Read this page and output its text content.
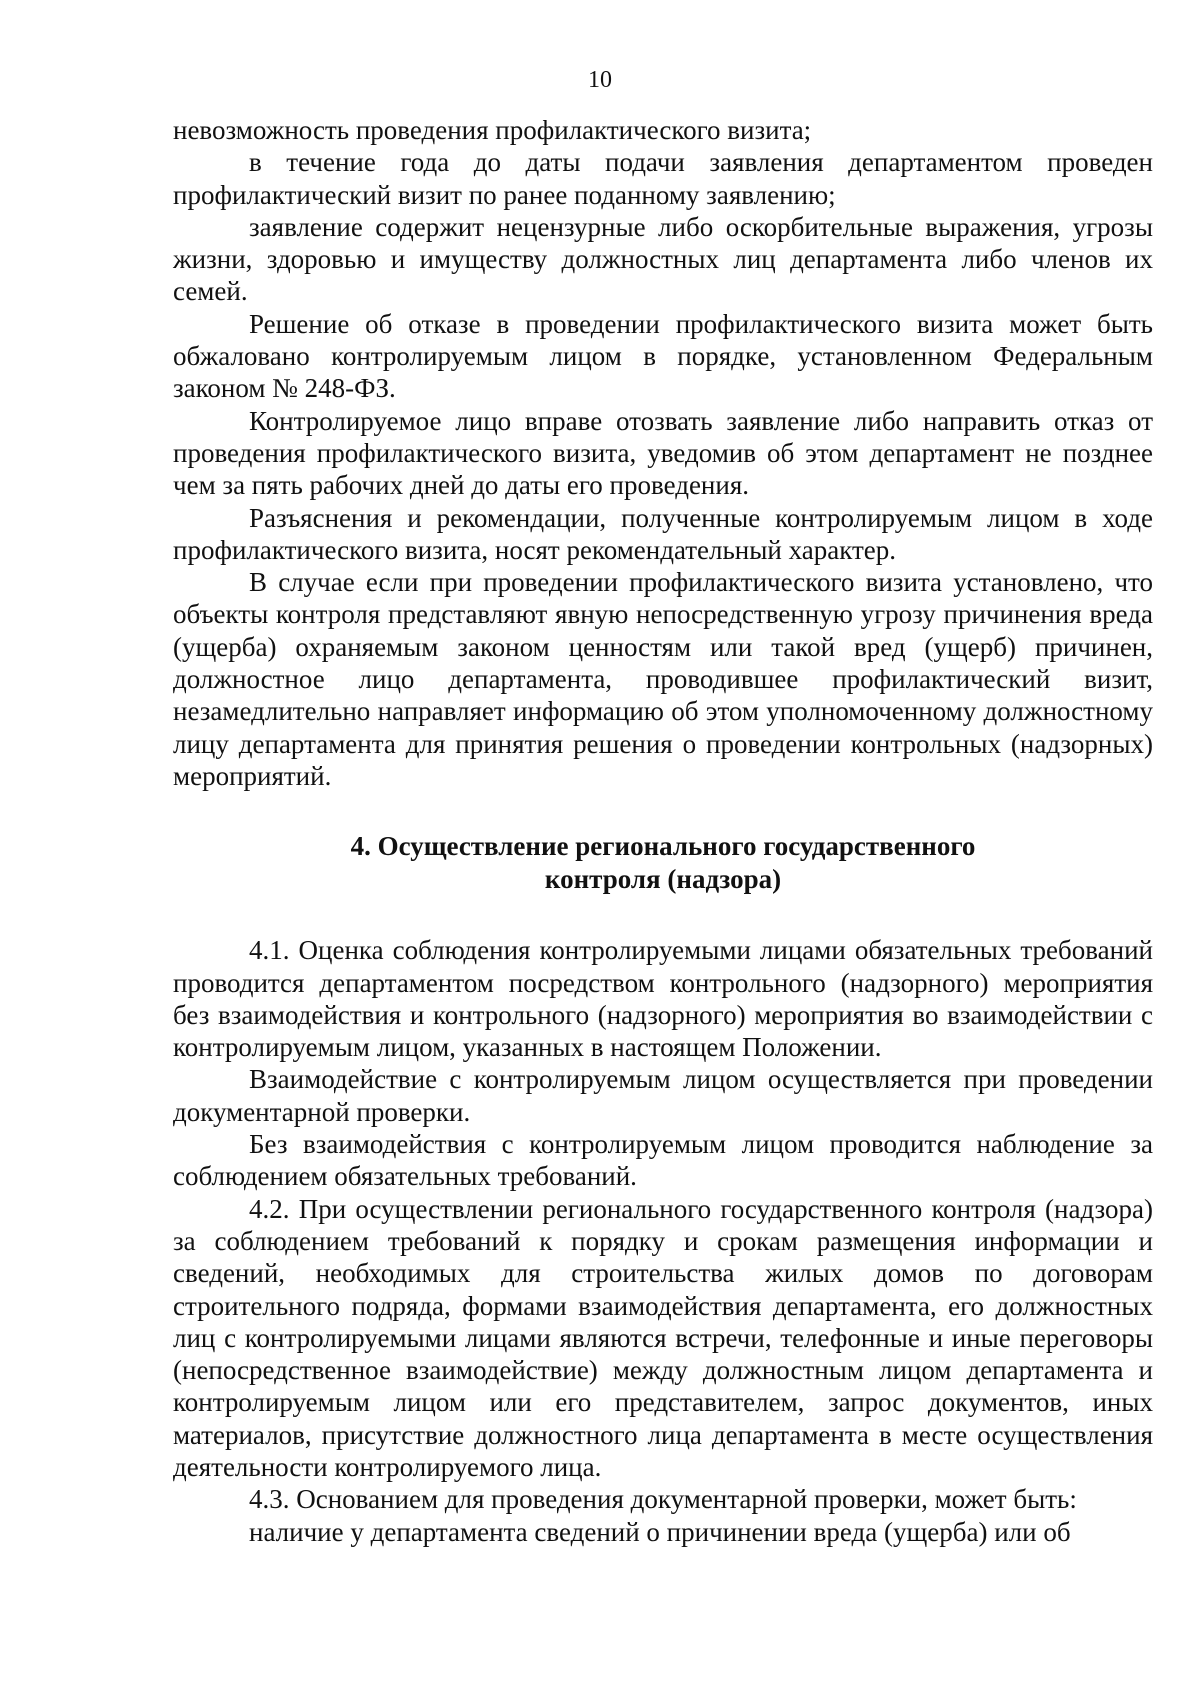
10

невозможность проведения профилактического визита;

в течение года до даты подачи заявления департаментом проведен профилактический визит по ранее поданному заявлению;

заявление содержит нецензурные либо оскорбительные выражения, угрозы жизни, здоровью и имуществу должностных лиц департамента либо членов их семей.

Решение об отказе в проведении профилактического визита может быть обжаловано контролируемым лицом в порядке, установленном Федеральным законом № 248-ФЗ.

Контролируемое лицо вправе отозвать заявление либо направить отказ от проведения профилактического визита, уведомив об этом департамент не позднее чем за пять рабочих дней до даты его проведения.

Разъяснения и рекомендации, полученные контролируемым лицом в ходе профилактического визита, носят рекомендательный характер.

В случае если при проведении профилактического визита установлено, что объекты контроля представляют явную непосредственную угрозу причинения вреда (ущерба) охраняемым законом ценностям или такой вред (ущерб) причинен, должностное лицо департамента, проводившее профилактический визит, незамедлительно направляет информацию об этом уполномоченному должностному лицу департамента для принятия решения о проведении контрольных (надзорных) мероприятий.

4. Осуществление регионального государственного
контроля (надзора)

4.1. Оценка соблюдения контролируемыми лицами обязательных требований проводится департаментом посредством контрольного (надзорного) мероприятия без взаимодействия и контрольного (надзорного) мероприятия во взаимодействии с контролируемым лицом, указанных в настоящем Положении.

Взаимодействие с контролируемым лицом осуществляется при проведении документарной проверки.

Без взаимодействия с контролируемым лицом проводится наблюдение за соблюдением обязательных требований.

4.2. При осуществлении регионального государственного контроля (надзора) за соблюдением требований к порядку и срокам размещения информации и сведений, необходимых для строительства жилых домов по договорам строительного подряда, формами взаимодействия департамента, его должностных лиц с контролируемыми лицами являются встречи, телефонные и иные переговоры (непосредственное взаимодействие) между должностным лицом департамента и контролируемым лицом или его представителем, запрос документов, иных материалов, присутствие должностного лица департамента в месте осуществления деятельности контролируемого лица.

4.3. Основанием для проведения документарной проверки, может быть:

наличие у департамента сведений о причинении вреда (ущерба) или об
